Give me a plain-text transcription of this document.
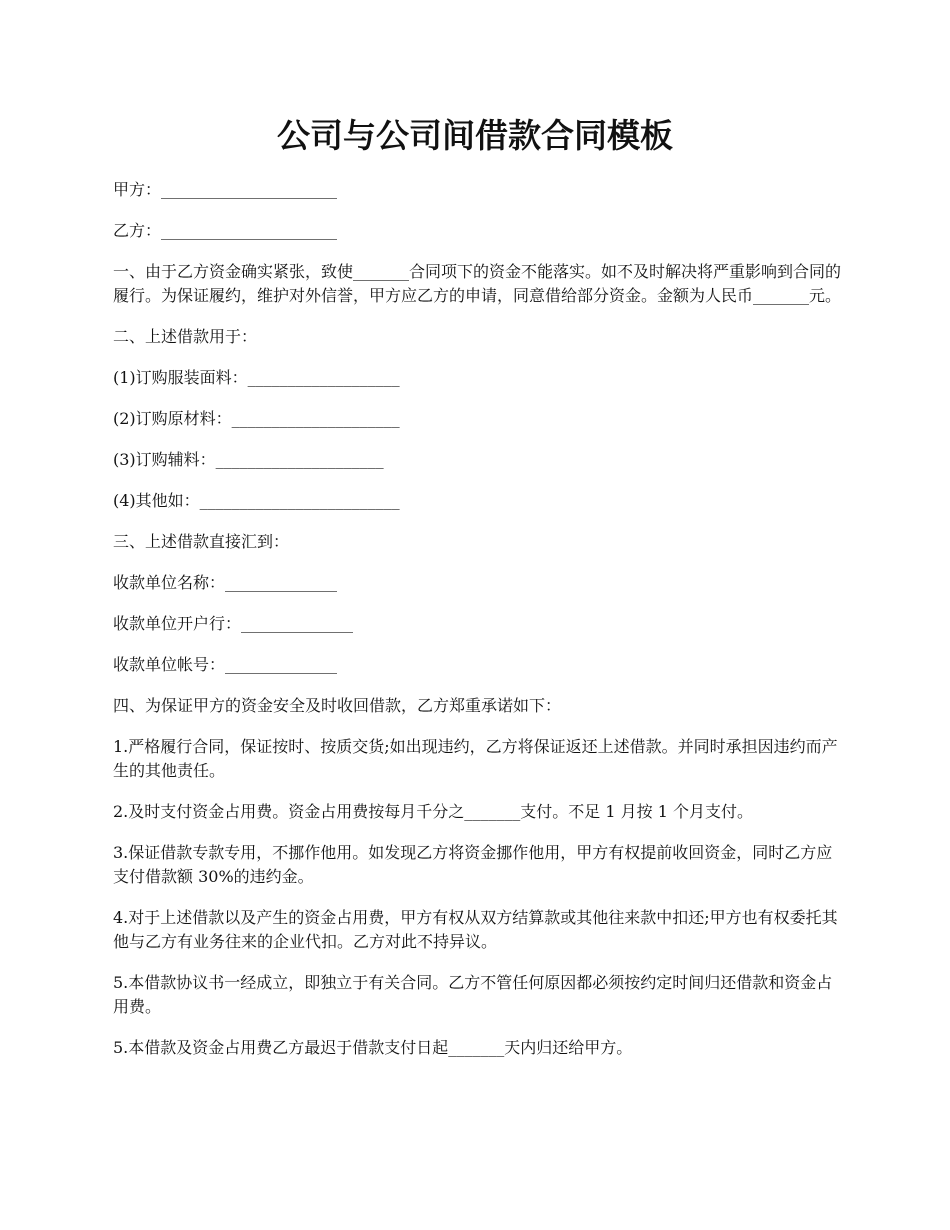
公司与公司间借款合同模板

甲方：______________________

乙方：______________________

一、由于乙方资金确实紧张，致使_______合同项下的资金不能落实。如不及时解决将严重影响到合同的履行。为保证履约，维护对外信誉，甲方应乙方的申请，同意借给部分资金。金额为人民币_______元。

二、上述借款用于：

(1)订购服装面料：___________________

(2)订购原材料：_____________________

(3)订购辅料：_____________________

(4)其他如：_________________________

三、上述借款直接汇到：

收款单位名称：______________

收款单位开户行：______________

收款单位帐号：______________

四、为保证甲方的资金安全及时收回借款，乙方郑重承诺如下：

1.严格履行合同，保证按时、按质交货;如出现违约，乙方将保证返还上述借款。并同时承担因违约而产生的其他责任。

2.及时支付资金占用费。资金占用费按每月千分之_______支付。不足 1 月按 1 个月支付。

3.保证借款专款专用，不挪作他用。如发现乙方将资金挪作他用，甲方有权提前收回资金，同时乙方应支付借款额 30%的违约金。

4.对于上述借款以及产生的资金占用费，甲方有权从双方结算款或其他往来款中扣还;甲方也有权委托其他与乙方有业务往来的企业代扣。乙方对此不持异议。

5.本借款协议书一经成立，即独立于有关合同。乙方不管任何原因都必须按约定时间归还借款和资金占用费。

5.本借款及资金占用费乙方最迟于借款支付日起_______天内归还给甲方。
